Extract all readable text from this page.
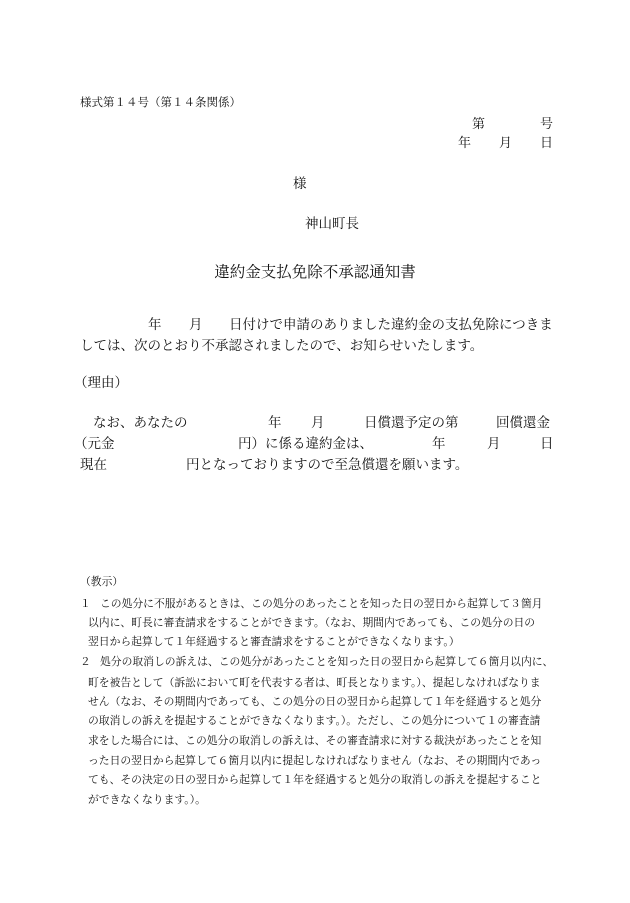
様式第１４号（第１４条関係）
第	号
年 月 日
様
神山町長
違約金支払免除不承認通知書
年 月 日付けで申請のありました違約金の支払免除につきま
しては、次のとおり不承認されましたので、お知らせいたします。
（理由）
なお、あなたの	年 月	日償還予定の第	回償還金
（元金	円）に係る違約金は、	年	月	日
現在	円となっておりますので至急償還を願います。
（教示）
１ この処分に不服があるときは、この処分のあったことを知った日の翌日から起算して３箇月
以内に、町長に審査請求をすることができます。（なお、期間内であっても、この処分の日の
翌日から起算して１年経過すると審査請求をすることができなくなります。）
２ 処分の取消しの訴えは、この処分があったことを知った日の翌日から起算して６箇月以内に、
町を被告として（訴訟において町を代表する者は、町長となります。）、提起しなければなりま
せん（なお、その期間内であっても、この処分の日の翌日から起算して１年を経過すると処分
の取消しの訴えを提起することができなくなります。）。ただし、この処分について１の審査請
求をした場合には、この処分の取消しの訴えは、その審査請求に対する裁決があったことを知
った日の翌日から起算して６箇月以内に提起しなければなりません（なお、その期間内であっ
ても、その決定の日の翌日から起算して１年を経過すると処分の取消しの訴えを提起すること
ができなくなります。）。
